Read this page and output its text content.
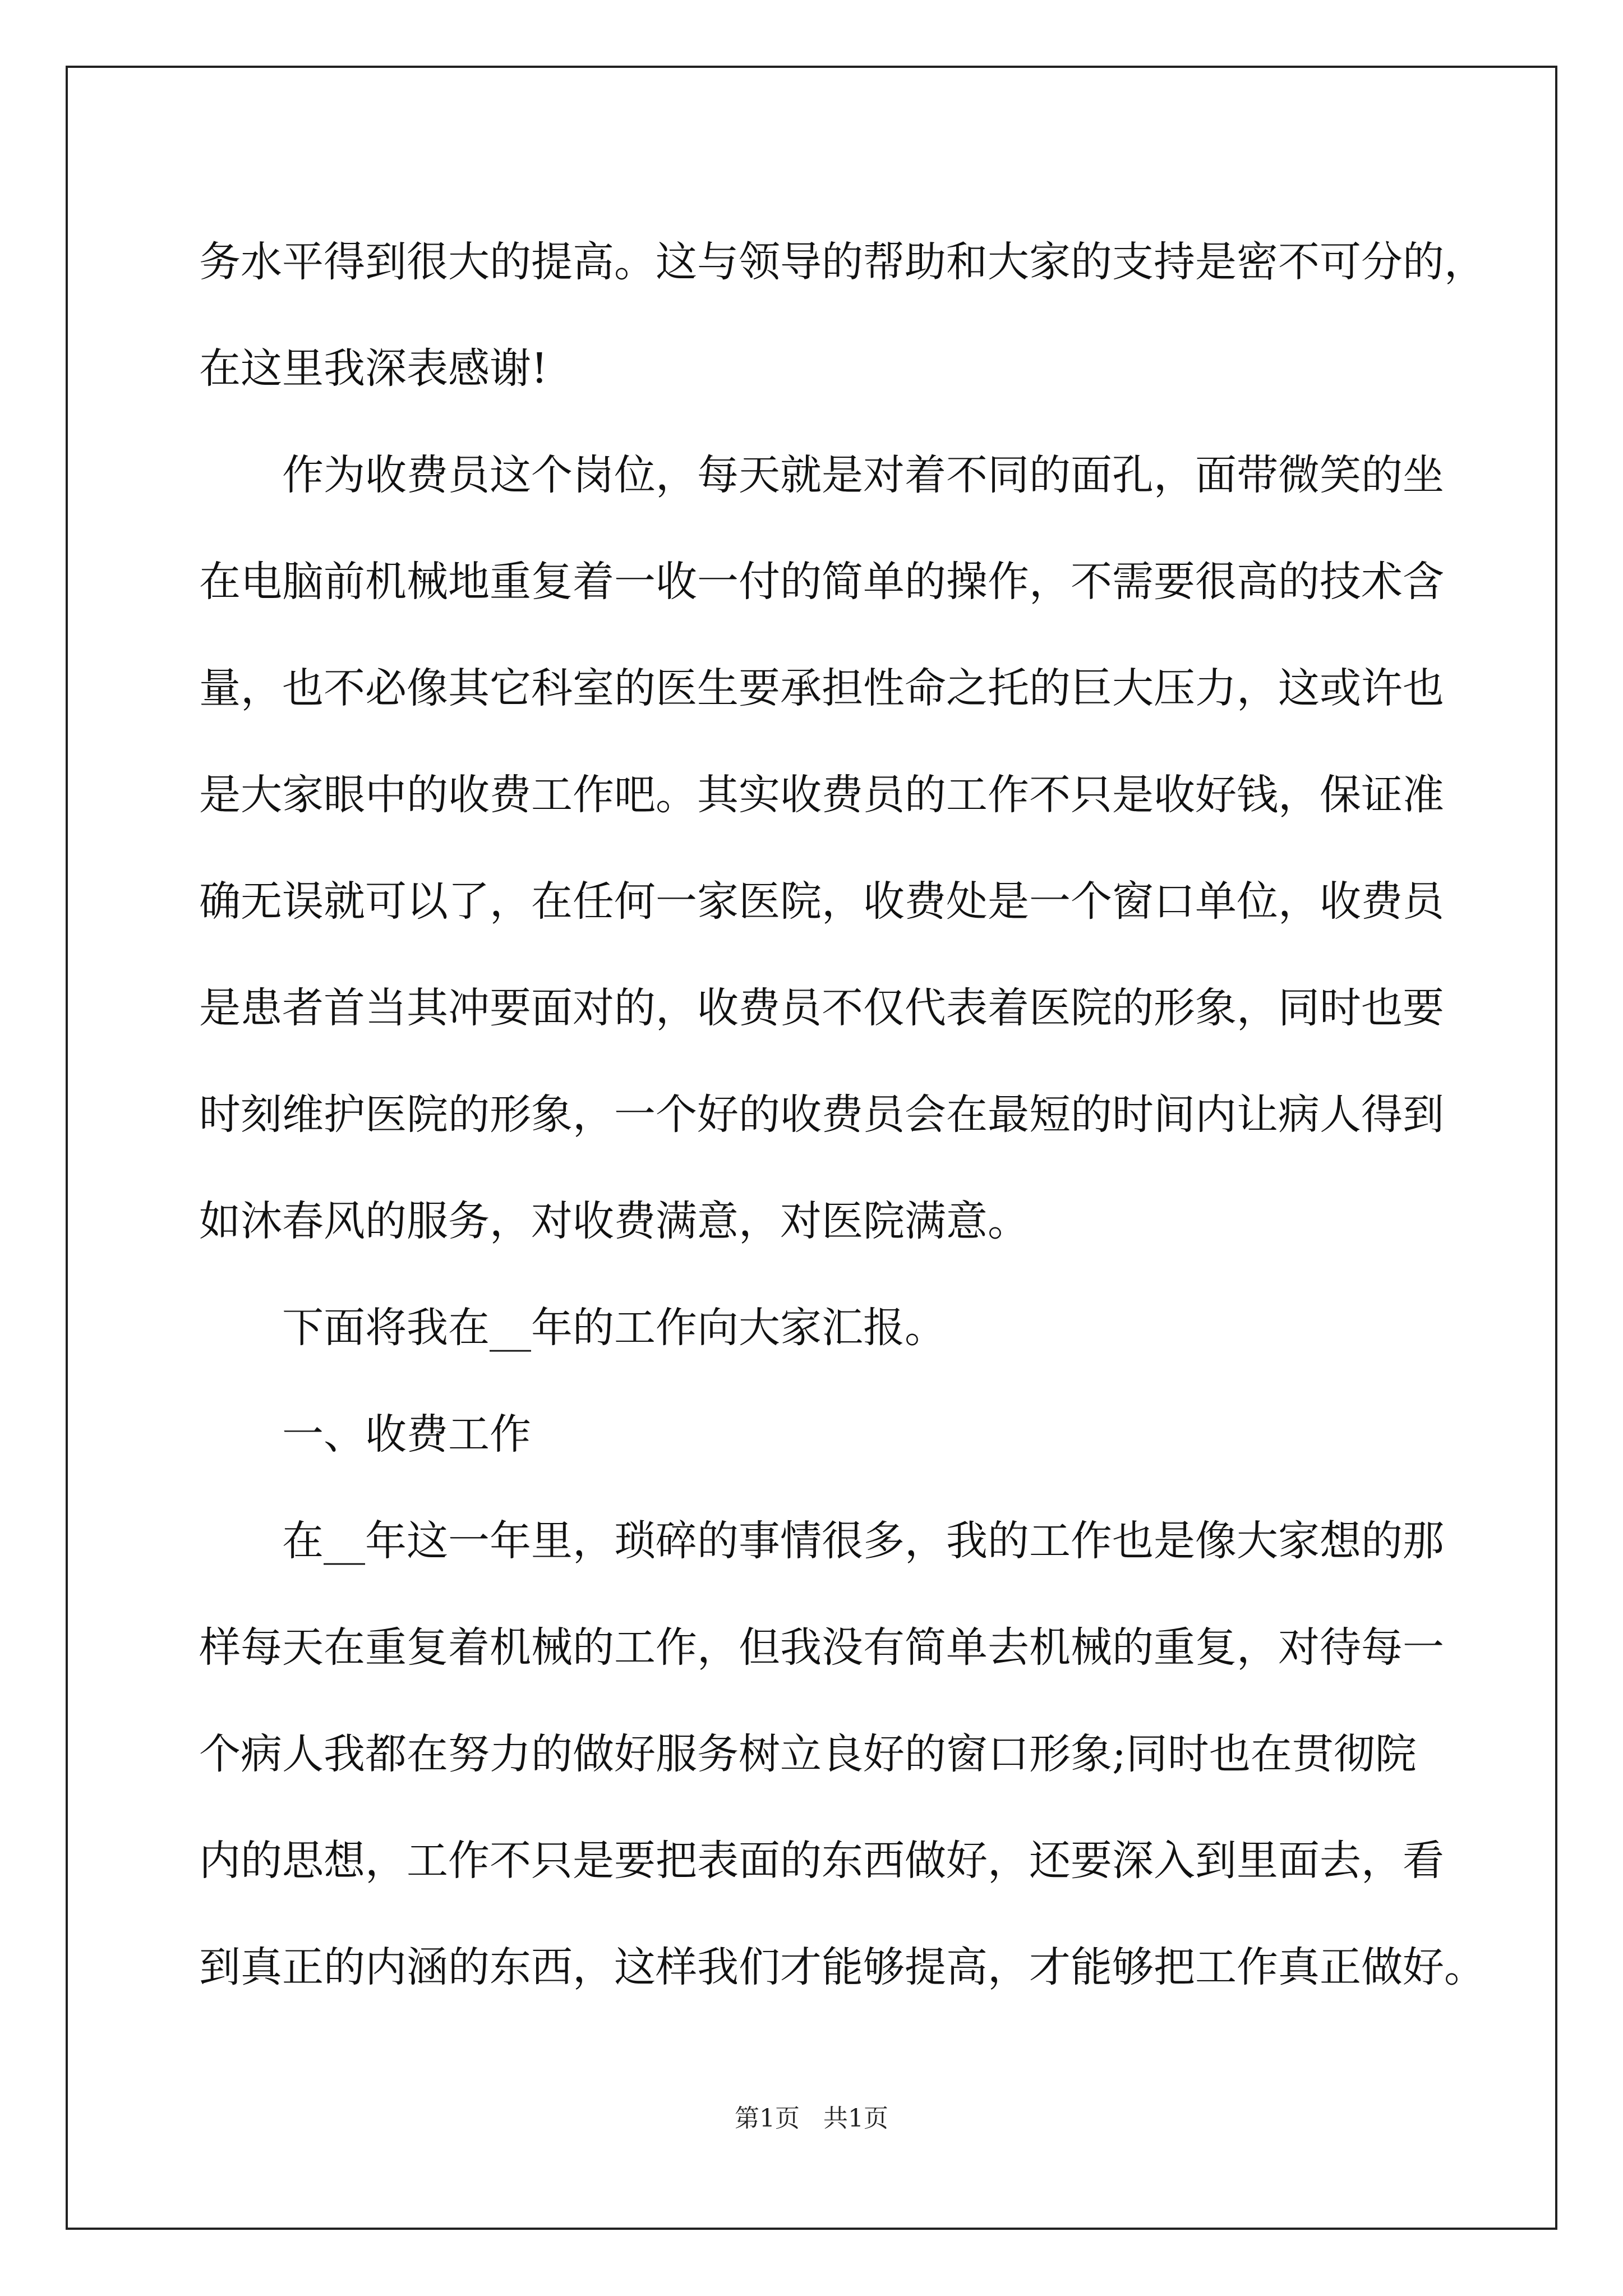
务水平得到很大的提高。这与领导的帮助和大家的支持是密不可分的，
在这里我深表感谢!
作为收费员这个岗位，每天就是对着不同的面孔，面带微笑的坐
在电脑前机械地重复着一收一付的简单的操作，不需要很高的技术含
量，也不必像其它科室的医生要承担性命之托的巨大压力，这或许也
是大家眼中的收费工作吧。其实收费员的工作不只是收好钱，保证准
确无误就可以了，在任何一家医院，收费处是一个窗口单位，收费员
是患者首当其冲要面对的，收费员不仅代表着医院的形象，同时也要
时刻维护医院的形象，一个好的收费员会在最短的时间内让病人得到
如沐春风的服务，对收费满意，对医院满意。
下面将我在__年的工作向大家汇报。
一、收费工作
在__年这一年里，琐碎的事情很多，我的工作也是像大家想的那
样每天在重复着机械的工作，但我没有简单去机械的重复，对待每一
个病人我都在努力的做好服务树立良好的窗口形象;同时也在贯彻院
内的思想，工作不只是要把表面的东西做好，还要深入到里面去，看
到真正的内涵的东西，这样我们才能够提高，才能够把工作真正做好。
第1页 共1页
